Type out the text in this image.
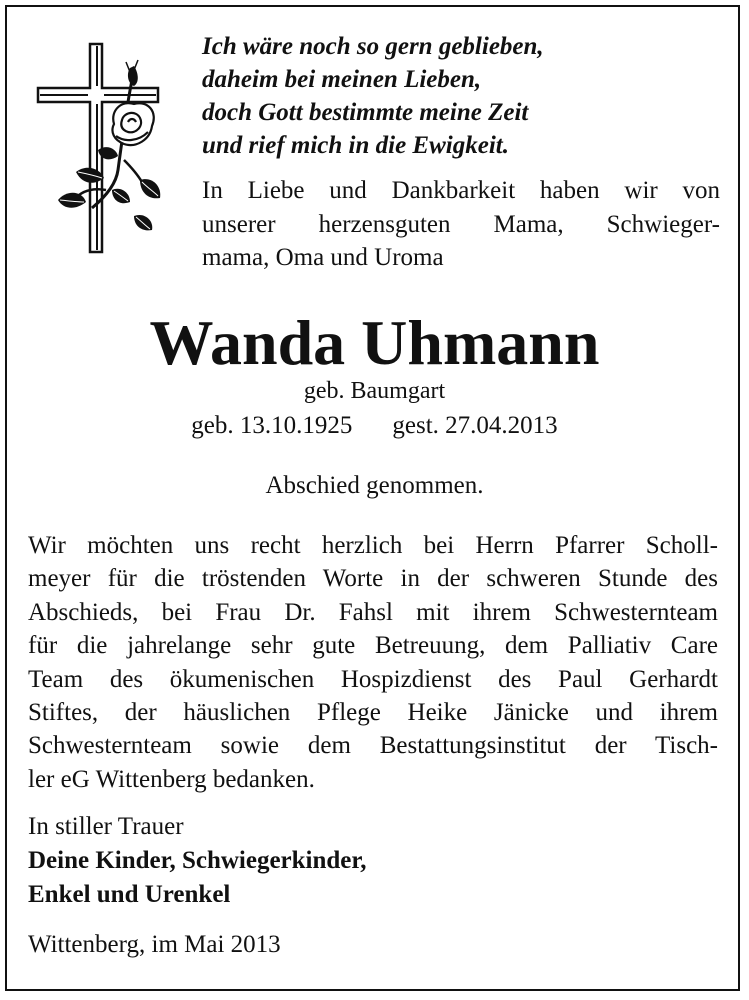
Ich wäre noch so gern geblieben,
daheim bei meinen Lieben,
doch Gott bestimmte meine Zeit
und rief mich in die Ewigkeit.
In Liebe und Dankbarkeit haben wir von
unserer herzensguten Mama, Schwieger-
mama, Oma und Uroma
Wanda Uhmann
geb. Baumgart
geb. 13.10.1925 gest. 27.04.2013
Abschied genommen.
Wir möchten uns recht herzlich bei Herrn Pfarrer Scholl-
meyer für die tröstenden Worte in der schweren Stunde des
Abschieds, bei Frau Dr. Fahsl mit ihrem Schwesternteam
für die jahrelange sehr gute Betreuung, dem Palliativ Care
Team des ökumenischen Hospizdienst des Paul Gerhardt
Stiftes, der häuslichen Pflege Heike Jänicke und ihrem
Schwesternteam sowie dem Bestattungsinstitut der Tisch-
ler eG Wittenberg bedanken.
In stiller Trauer
Deine Kinder, Schwiegerkinder,
Enkel und Urenkel
Wittenberg, im Mai 2013
